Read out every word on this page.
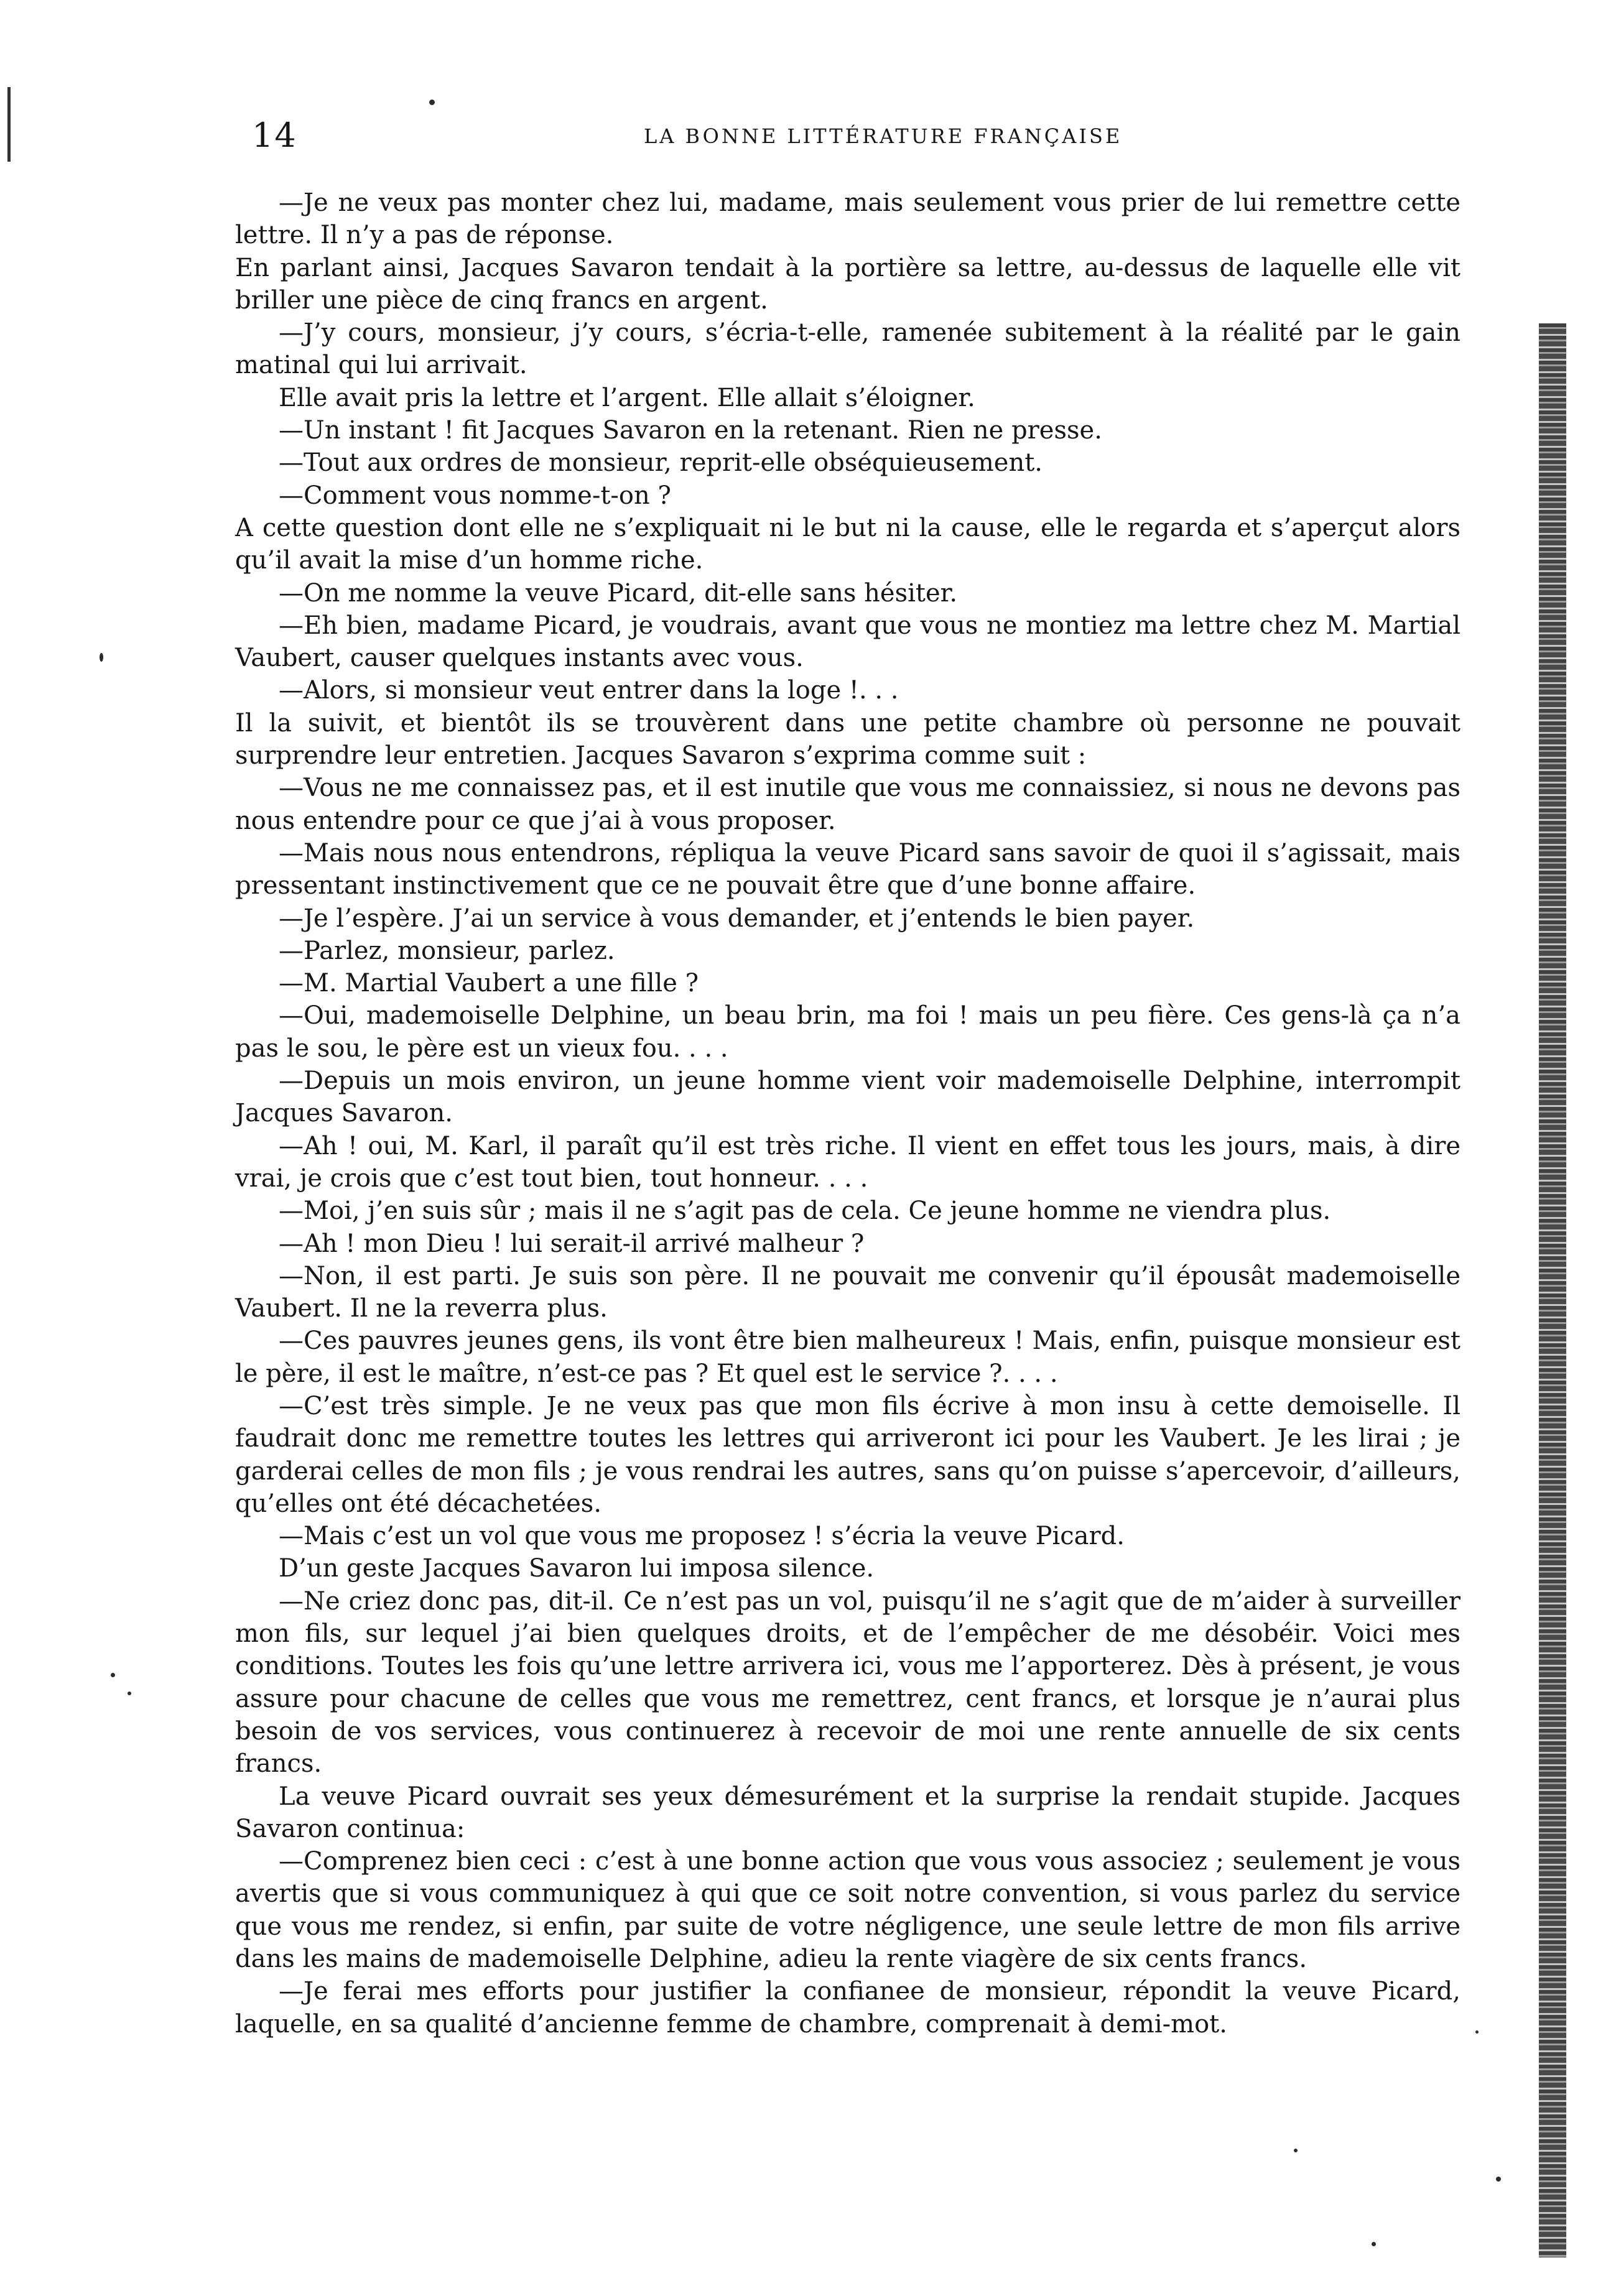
14	LA BONNE LITTÉRATURE FRANÇAISE

—Je ne veux pas monter chez lui, madame, mais seulement vous prier de lui remettre cette lettre. Il n’y a pas de réponse.

En parlant ainsi, Jacques Savaron tendait à la portière sa lettre, au-dessus de laquelle elle vit briller une pièce de cinq francs en argent.

—J’y cours, monsieur, j’y cours, s’écria-t-elle, ramenée subitement à la réalité par le gain matinal qui lui arrivait.

Elle avait pris la lettre et l’argent. Elle allait s’éloigner.

—Un instant ! fit Jacques Savaron en la retenant. Rien ne presse.

—Tout aux ordres de monsieur, reprit-elle obséquieusement.

—Comment vous nomme-t-on ?

A cette question dont elle ne s’expliquait ni le but ni la cause, elle le regarda et s’aperçut alors qu’il avait la mise d’un homme riche.

—On me nomme la veuve Picard, dit-elle sans hésiter.

—Eh bien, madame Picard, je voudrais, avant que vous ne montiez ma lettre chez M. Martial Vaubert, causer quelques instants avec vous.

—Alors, si monsieur veut entrer dans la loge !. . .

Il la suivit, et bientôt ils se trouvèrent dans une petite chambre où personne ne pouvait surprendre leur entretien. Jacques Savaron s’exprima comme suit :

—Vous ne me connaissez pas, et il est inutile que vous me connaissiez, si nous ne devons pas nous entendre pour ce que j’ai à vous proposer.

—Mais nous nous entendrons, répliqua la veuve Picard sans savoir de quoi il s’agissait, mais pressentant instinctivement que ce ne pouvait être que d’une bonne affaire.

—Je l’espère. J’ai un service à vous demander, et j’entends le bien payer.

—Parlez, monsieur, parlez.

—M. Martial Vaubert a une fille ?

—Oui, mademoiselle Delphine, un beau brin, ma foi ! mais un peu fière. Ces gens-là ça n’a pas le sou, le père est un vieux fou. . . .

—Depuis un mois environ, un jeune homme vient voir mademoiselle Delphine, interrompit Jacques Savaron.

—Ah ! oui, M. Karl, il paraît qu’il est très riche. Il vient en effet tous les jours, mais, à dire vrai, je crois que c’est tout bien, tout honneur. . . .

—Moi, j’en suis sûr ; mais il ne s’agit pas de cela. Ce jeune homme ne viendra plus.

—Ah ! mon Dieu ! lui serait-il arrivé malheur ?

—Non, il est parti. Je suis son père. Il ne pouvait me convenir qu’il épousât mademoiselle Vaubert. Il ne la reverra plus.

—Ces pauvres jeunes gens, ils vont être bien malheureux ! Mais, enfin, puisque monsieur est le père, il est le maître, n’est-ce pas ? Et quel est le service ?. . . .

—C’est très simple. Je ne veux pas que mon fils écrive à mon insu à cette demoiselle. Il faudrait donc me remettre toutes les lettres qui arriveront ici pour les Vaubert. Je les lirai ; je garderai celles de mon fils ; je vous rendrai les autres, sans qu’on puisse s’apercevoir, d’ailleurs, qu’elles ont été décachetées.

—Mais c’est un vol que vous me proposez ! s’écria la veuve Picard.

D’un geste Jacques Savaron lui imposa silence.

—Ne criez donc pas, dit-il. Ce n’est pas un vol, puisqu’il ne s’agit que de m’aider à surveiller mon fils, sur lequel j’ai bien quelques droits, et de l’empêcher de me désobéir. Voici mes conditions. Toutes les fois qu’une lettre arrivera ici, vous me l’apporterez. Dès à présent, je vous assure pour chacune de celles que vous me remettrez, cent francs, et lorsque je n’aurai plus besoin de vos services, vous continuerez à recevoir de moi une rente annuelle de six cents francs.

La veuve Picard ouvrait ses yeux démesurément et la surprise la rendait stupide. Jacques Savaron continua:

—Comprenez bien ceci : c’est à une bonne action que vous vous associez ; seulement je vous avertis que si vous communiquez à qui que ce soit notre convention, si vous parlez du service que vous me rendez, si enfin, par suite de votre négligence, une seule lettre de mon fils arrive dans les mains de mademoiselle Delphine, adieu la rente viagère de six cents francs.

—Je ferai mes efforts pour justifier la confianee de monsieur, répondit la veuve Picard, laquelle, en sa qualité d’ancienne femme de chambre, comprenait à demi-mot.
